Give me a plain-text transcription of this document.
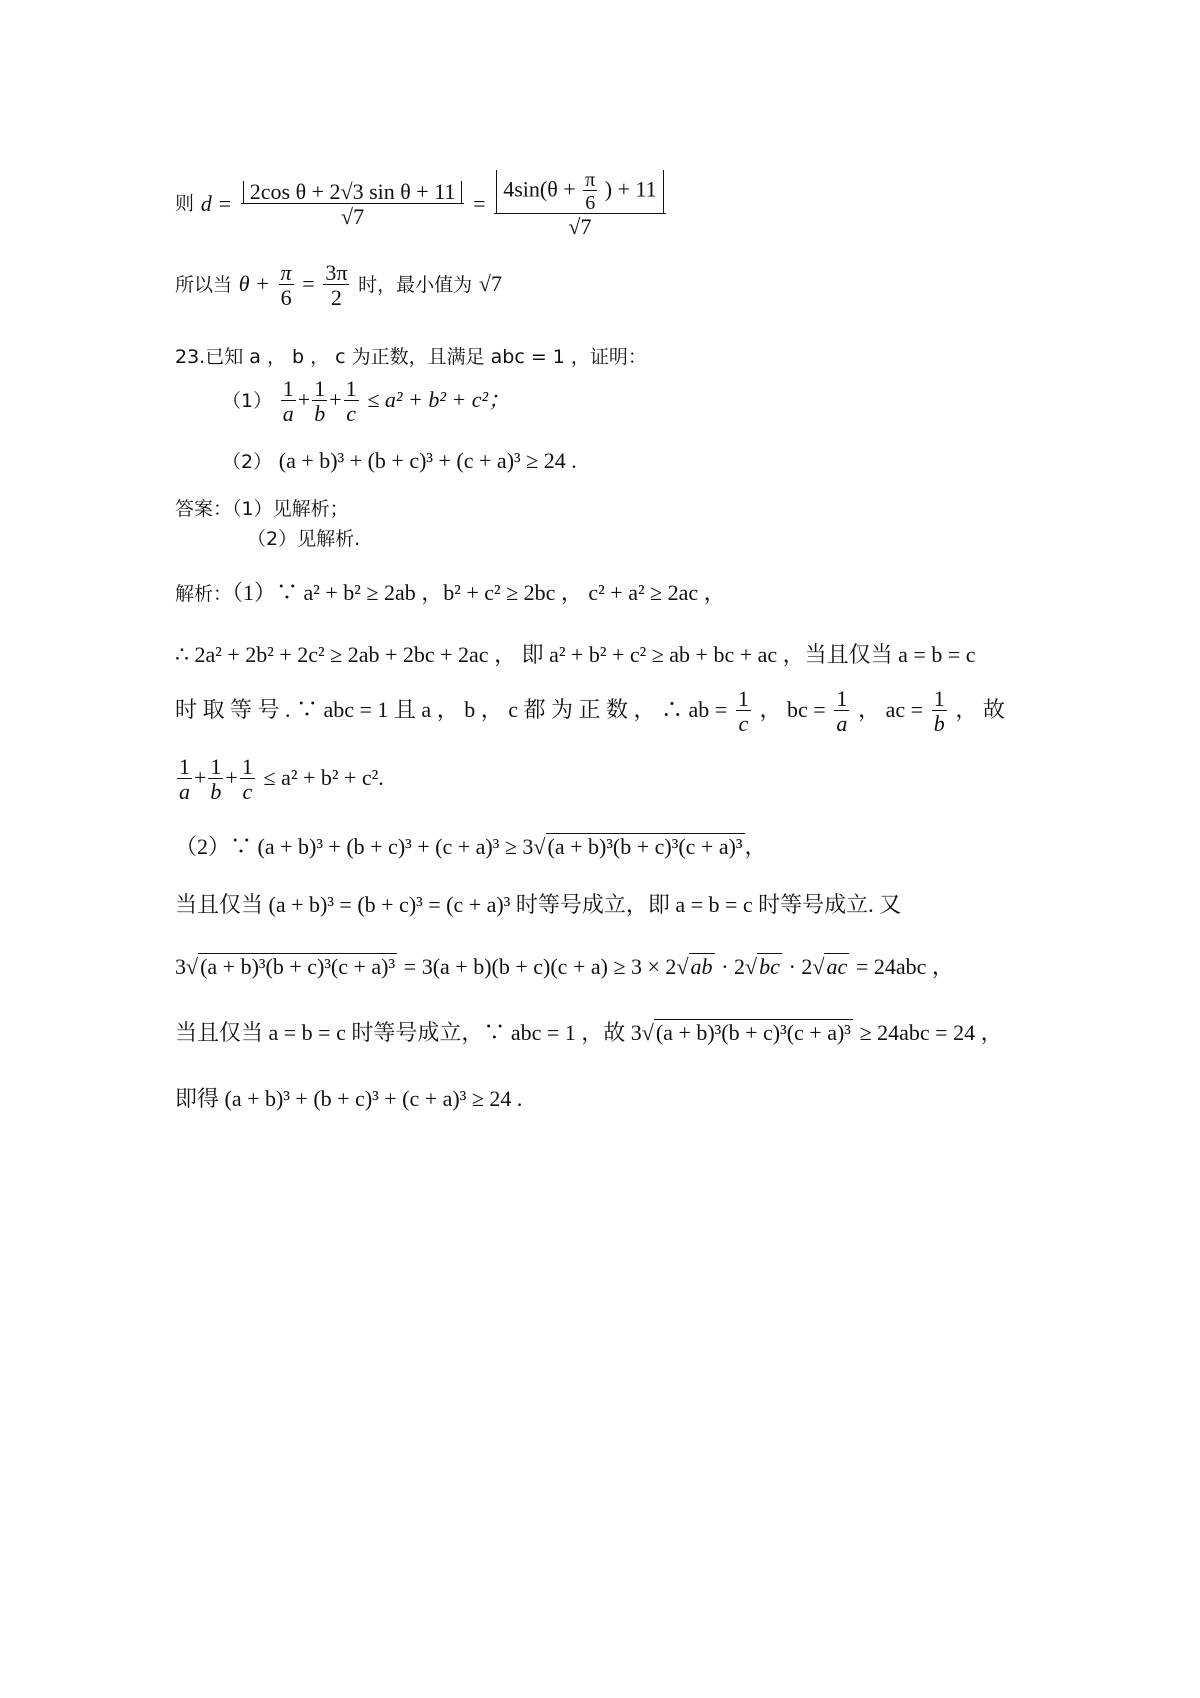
则 $d = \frac{\text{2cos θ + 2√3 sin θ + 11}}{√7} = \frac{4\sin(\theta + \frac{\pi}{6} ) + 11}{√7}$
所以当 $\theta + \frac{\pi}{6} = \frac{3\pi}{2}$ 时，最小值为 √7
23.已知 a ， b ， c 为正数，且满足 abc = 1 ，证明：
$(1) \frac{1}{a} + \frac{1}{b} + \frac{1}{c} \le a^2 + b^2 + c^2$；
（2） (a + b)³ + (b + c)³ + (c + a)³ ≥ 24 .
答案：（1）见解析；
（2）见解析.
解析：（1）∵ a² + b² ≥ 2ab ，b² + c² ≥ 2bc ， c² + a² ≥ 2ac ，
∴ 2a² + 2b² + 2c² ≥ 2ab + 2bc + 2ac ， 即 a² + b² + c² ≥ ab + bc + ac ，当且仅当 a = b = c
时 取 等 号 . ∵ abc = 1 且 a ， b ， c 都 为 正 数 ， ∴ ab = $\frac{1}{c}$ ， bc = $\frac{1}{a}$ ， ac = $\frac{1}{b}$ ， 故
$\frac{1}{a} + \frac{1}{b} + \frac{1}{c} \le a^2 + b^2 + c^2$.
（2）∵ (a + b)³ + (b + c)³ + (c + a)³ ≥ 3√(a + b)³(b + c)³(c + a)³，
当且仅当 (a + b)³ = (b + c)³ = (c + a)³ 时等号成立，即 a = b = c 时等号成立. 又
3√(a + b)³(b + c)³(c + a)³ = 3(a + b)(b + c)(c + a) ≥ 3 × 2√ab · 2√bc · 2√ac = 24abc ，
当且仅当 a = b = c 时等号成立，∵ abc = 1 ，故 3√(a + b)³(b + c)³(c + a)³ ≥ 24abc = 24 ，
即得 (a + b)³ + (b + c)³ + (c + a)³ ≥ 24 .
